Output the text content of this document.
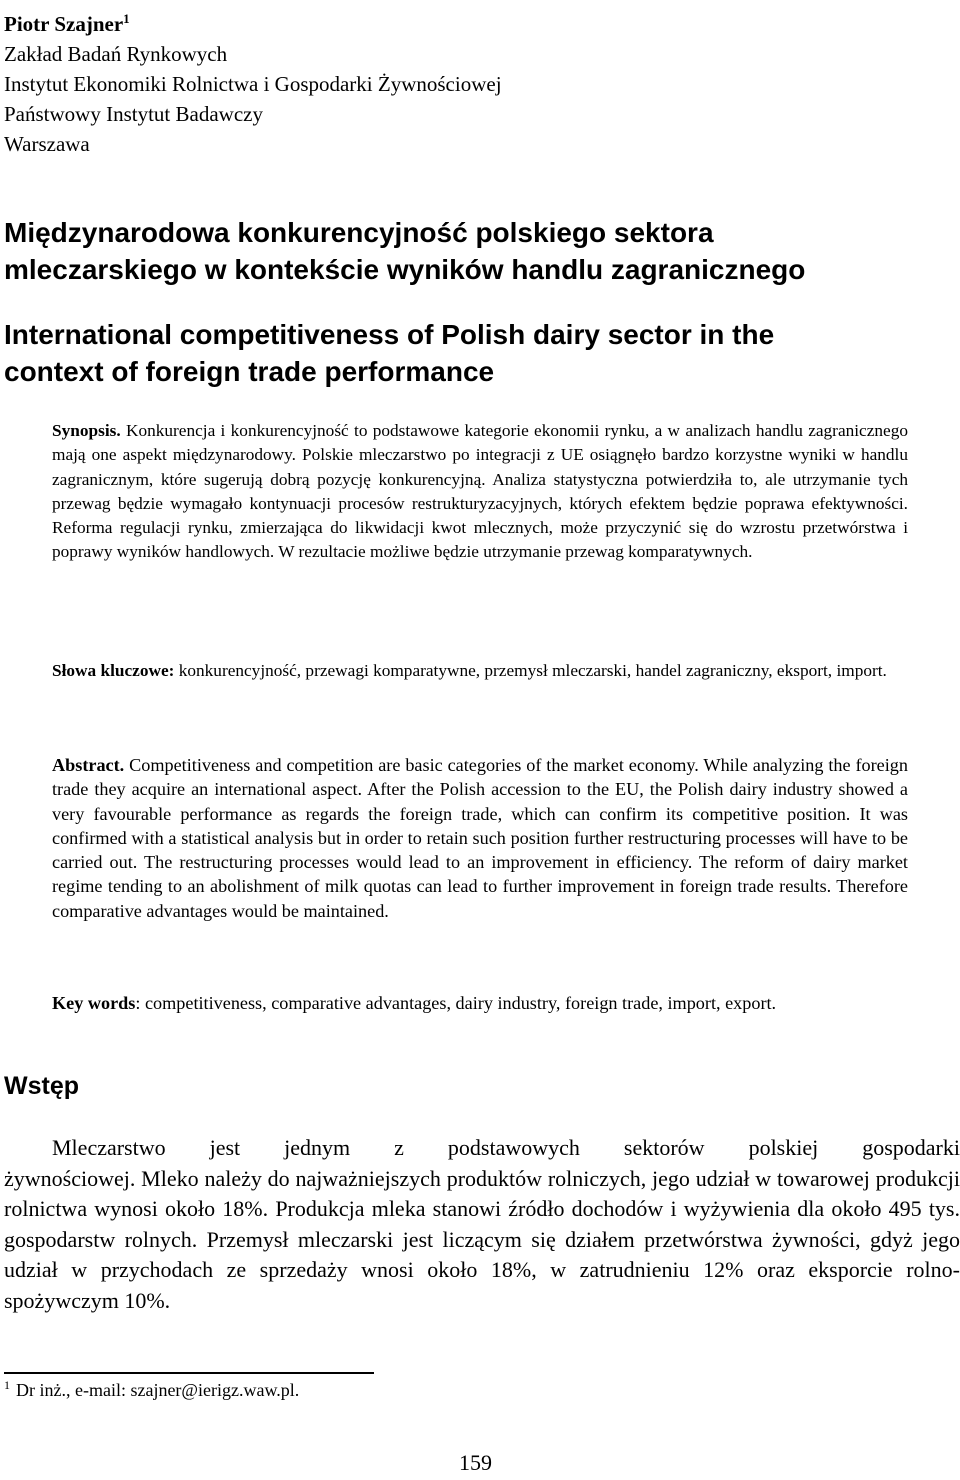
Piotr Szajner$^1$
Zakład Badań Rynkowych
Instytut Ekonomiki Rolnictwa i Gospodarki Żywnościowej
Państwowy Instytut Badawczy
Warszawa
Międzynarodowa konkurencyjność polskiego sektora
mleczarskiego w kontekście wyników handlu zagranicznego
International competitiveness of Polish dairy sector in the
context of foreign trade performance
Synopsis. Konkurencja i konkurencyjność to podstawowe kategorie ekonomii rynku, a w analizach handlu zagranicznego mają one aspekt międzynarodowy. Polskie mleczarstwo po integracji z UE osiągnęło bardzo korzystne wyniki w handlu zagranicznym, które sugerują dobrą pozycję konkurencyjną. Analiza statystyczna potwierdziła to, ale utrzymanie tych przewag będzie wymagało kontynuacji procesów restrukturyzacyjnych, których efektem będzie poprawa efektywności. Reforma regulacji rynku, zmierzająca do likwidacji kwot mlecznych, może przyczynić się do wzrostu przetwórstwa i poprawy wyników handlowych. W rezultacie możliwe będzie utrzymanie przewag komparatywnych.
Słowa kluczowe: konkurencyjność, przewagi komparatywne, przemysł mleczarski, handel zagraniczny, eksport, import.
Abstract. Competitiveness and competition are basic categories of the market economy. While analyzing the foreign trade they acquire an international aspect. After the Polish accession to the EU, the Polish dairy industry showed a very favourable performance as regards the foreign trade, which can confirm its competitive position. It was confirmed with a statistical analysis but in order to retain such position further restructuring processes will have to be carried out. The restructuring processes would lead to an improvement in efficiency. The reform of dairy market regime tending to an abolishment of milk quotas can lead to further improvement in foreign trade results. Therefore comparative advantages would be maintained.
Key words: competitiveness, comparative advantages, dairy industry, foreign trade, import, export.
Wstęp
Mleczarstwo jest jednym z podstawowych sektorów polskiej gospodarki
żywnościowej. Mleko należy do najważniejszych produktów rolniczych, jego udział w towarowej produkcji rolnictwa wynosi około 18%. Produkcja mleka stanowi źródło dochodów i wyżywienia dla około 495 tys. gospodarstw rolnych. Przemysł mleczarski jest liczącym się działem przetwórstwa żywności, gdyż jego udział w przychodach ze sprzedaży wnosi około 18%, w zatrudnieniu 12% oraz eksporcie rolno-spożywczym 10%.
$^1$ Dr inż., e-mail: szajner@ierigz.waw.pl.
159
